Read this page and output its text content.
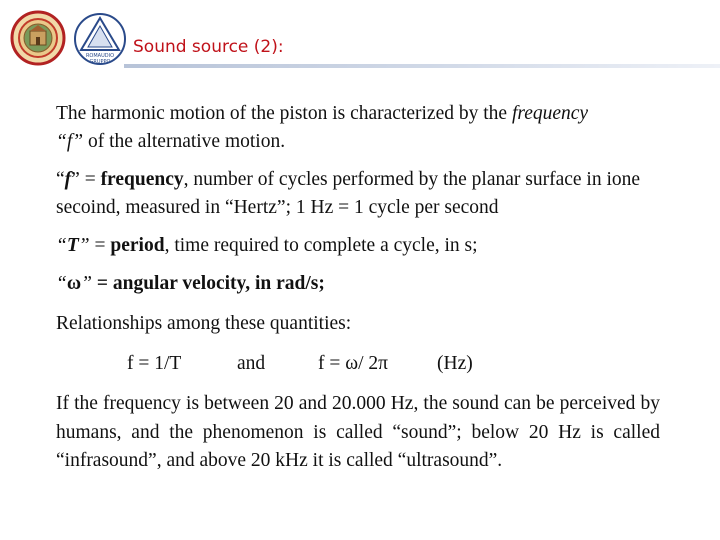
ROMAUDIO
GRUPPO
Sound source (2):

The harmonic motion of the piston is characterized by the frequency
“f” of the alternative motion.

“f” = frequency, number of cycles performed by the planar surface in ione secoind, measured in “Hertz”; 1 Hz = 1 cycle per second

“T” = period, time required to complete a cycle, in s;

“ω” = angular velocity, in rad/s;

Relationships among these quantities:

f = 1/T	and	f = ω/ 2π	(Hz)

If the frequency is between 20 and 20.000 Hz, the sound can be perceived by humans, and the phenomenon is called “sound”; below 20 Hz is called “infrasound”, and above 20 kHz it is called “ultrasound”.
